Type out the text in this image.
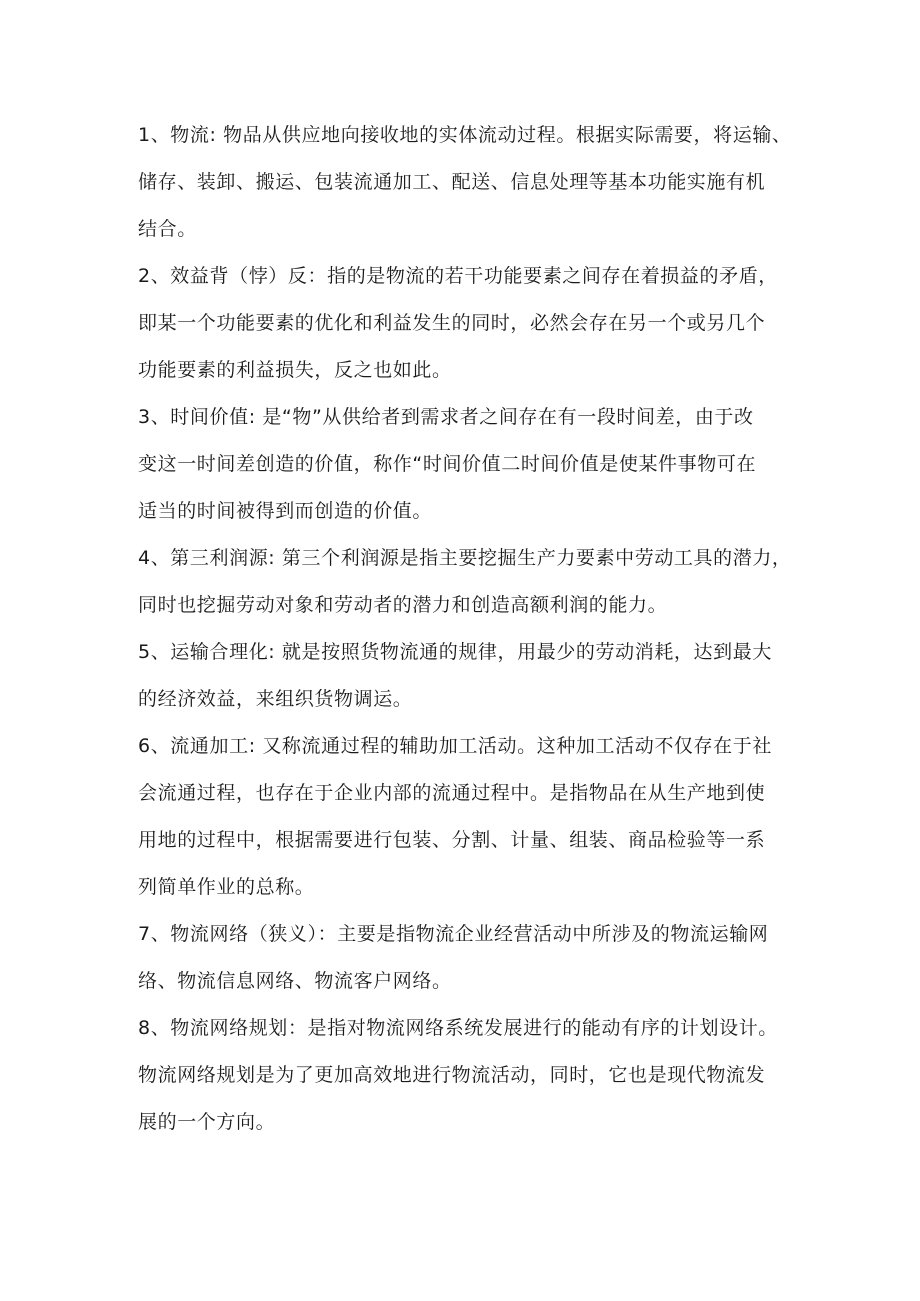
1、物流: 物品从供应地向接收地的实体流动过程。根据实际需要，将运输、
储存、装卸、搬运、包装流通加工、配送、信息处理等基本功能实施有机
结合。
2、效益背（悖）反：指的是物流的若干功能要素之间存在着损益的矛盾，
即某一个功能要素的优化和利益发生的同时，必然会存在另一个或另几个
功能要素的利益损失，反之也如此。
3、时间价值: 是“物”从供给者到需求者之间存在有一段时间差，由于改
变这一时间差创造的价值，称作“时间价值二时间价值是使某件事物可在
适当的时间被得到而创造的价值。
4、第三利润源: 第三个利润源是指主要挖掘生产力要素中劳动工具的潜力，
同时也挖掘劳动对象和劳动者的潜力和创造高额利润的能力。
5、运输合理化: 就是按照货物流通的规律，用最少的劳动消耗，达到最大
的经济效益，来组织货物调运。
6、流通加工: 又称流通过程的辅助加工活动。这种加工活动不仅存在于社
会流通过程，也存在于企业内部的流通过程中。是指物品在从生产地到使
用地的过程中，根据需要进行包装、分割、计量、组装、商品检验等一系
列简单作业的总称。
7、物流网络（狭义）：主要是指物流企业经营活动中所涉及的物流运输网
络、物流信息网络、物流客户网络。
8、物流网络规划：是指对物流网络系统发展进行的能动有序的计划设计。
物流网络规划是为了更加高效地进行物流活动，同时，它也是现代物流发
展的一个方向。
